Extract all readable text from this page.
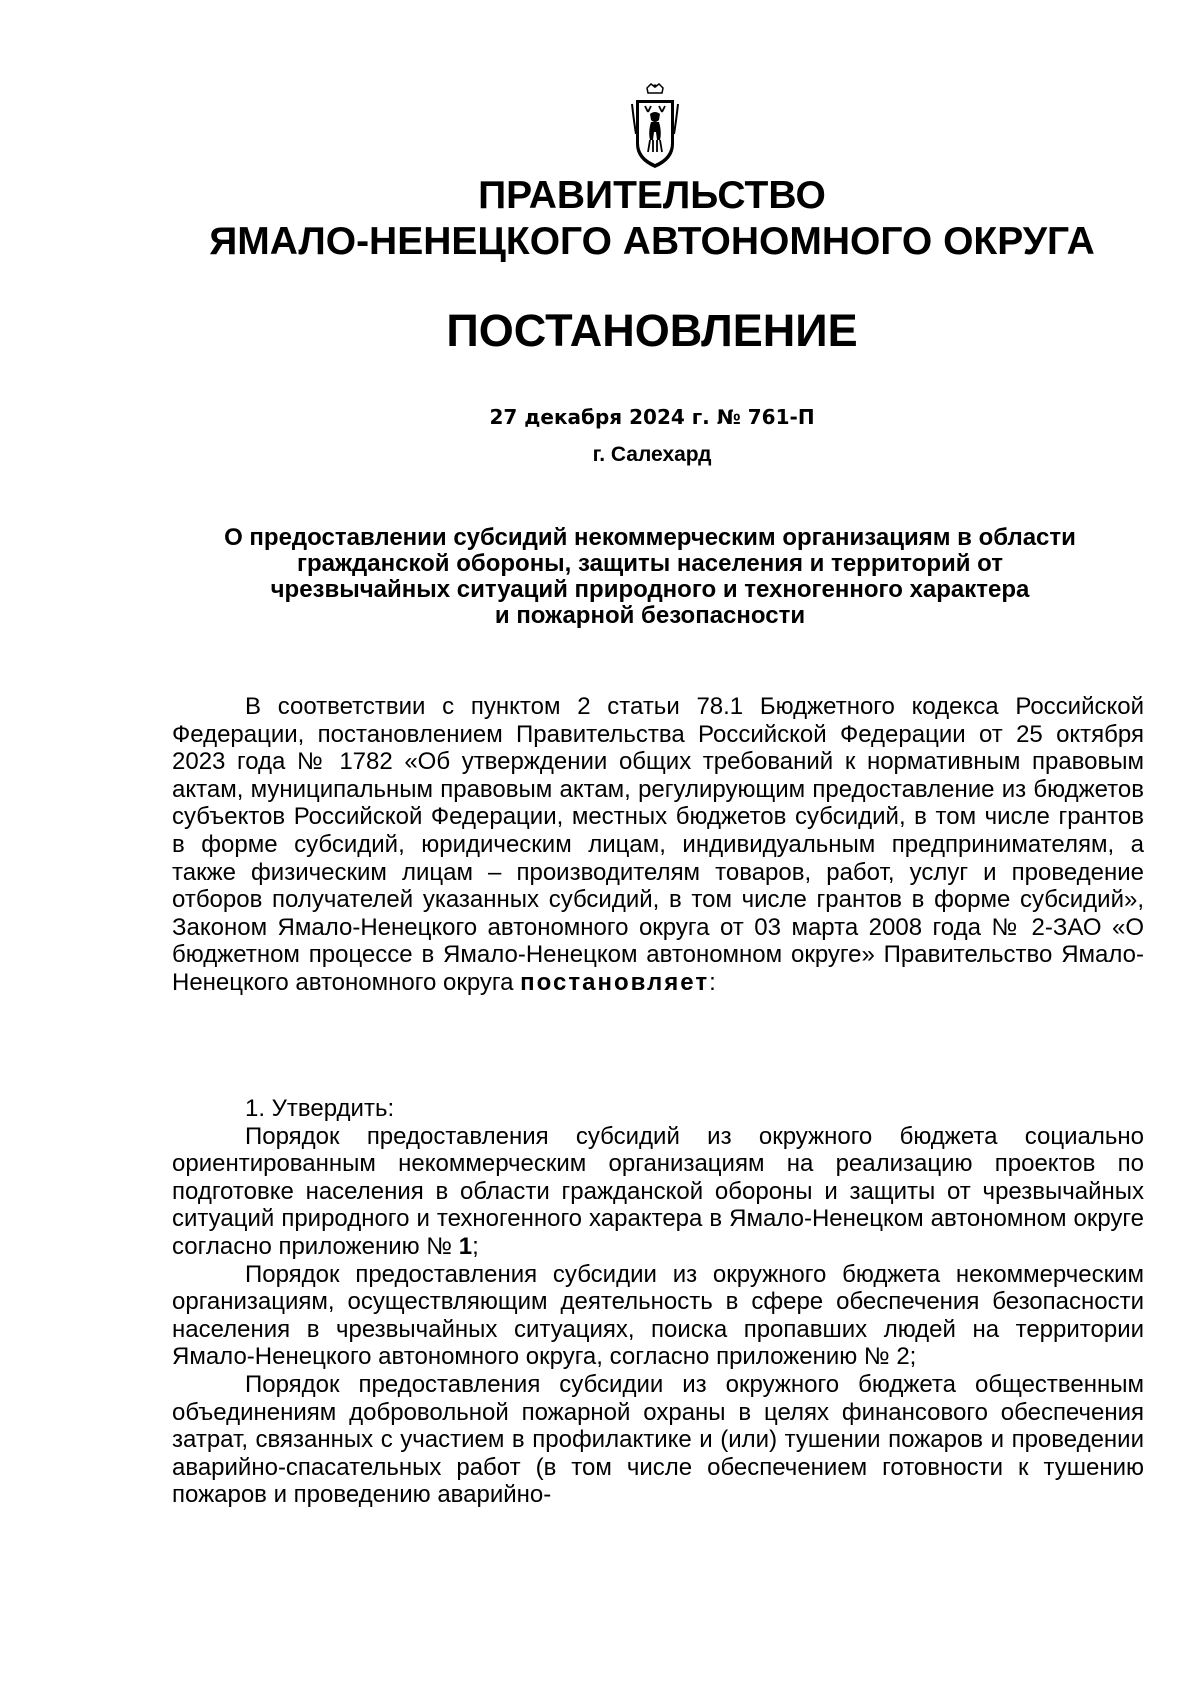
ПРАВИТЕЛЬСТВО
ЯМАЛО-НЕНЕЦКОГО АВТОНОМНОГО ОКРУГА
ПОСТАНОВЛЕНИЕ
27 декабря 2024 г. № 761-П
г. Салехард
О предоставлении субсидий некоммерческим организациям в области
гражданской обороны, защиты населения и территорий от
чрезвычайных ситуаций природного и техногенного характера
и пожарной безопасности

В соответствии с пунктом 2 статьи 78.1 Бюджетного кодекса Российской Федерации, постановлением Правительства Российской Федерации от 25 октября 2023 года № 1782 «Об утверждении общих требований к нормативным правовым актам, муниципальным правовым актам, регулирующим предоставление из бюджетов субъектов Российской Федерации, местных бюджетов субсидий, в том числе грантов в форме субсидий, юридическим лицам, индивидуальным предпринимателям, а также физическим лицам – производителям товаров, работ, услуг и проведение отборов получателей указанных субсидий, в том числе грантов в форме субсидий», Законом Ямало-Ненецкого автономного округа от 03 марта 2008 года № 2-ЗАО «О бюджетном процессе в Ямало-Ненецком автономном округе» Правительство Ямало-Ненецкого автономного округа постановляет:

1. Утвердить:

Порядок предоставления субсидий из окружного бюджета социально ориентированным некоммерческим организациям на реализацию проектов по подготовке населения в области гражданской обороны и защиты от чрезвычайных ситуаций природного и техногенного характера в Ямало-Ненецком автономном округе согласно приложению № 1;

Порядок предоставления субсидии из окружного бюджета некоммерческим организациям, осуществляющим деятельность в сфере обеспечения безопасности населения в чрезвычайных ситуациях, поиска пропавших людей на территории Ямало-Ненецкого автономного округа, согласно приложению № 2;

Порядок предоставления субсидии из окружного бюджета общественным объединениям добровольной пожарной охраны в целях финансового обеспечения затрат, связанных с участием в профилактике и (или) тушении пожаров и проведении аварийно-спасательных работ (в том числе обеспечением готовности к тушению пожаров и проведению аварийно-
